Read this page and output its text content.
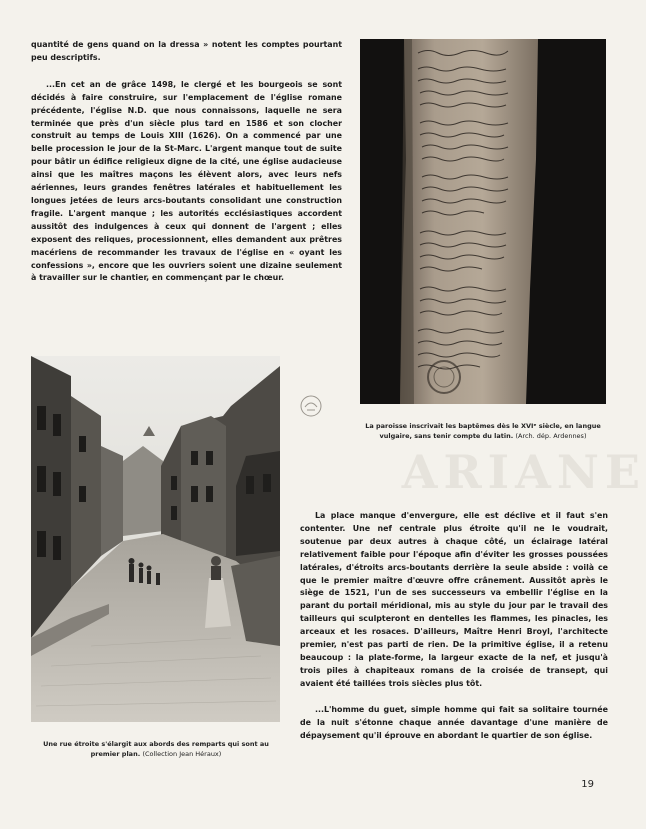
quantité de gens quand on la dressa » notent les comptes pourtant peu descriptifs.

...En cet an de grâce 1498, le clergé et les bourgeois se sont décidés à faire construire, sur l'emplacement de l'église romane précédente, l'église N.D. que nous connaissons, laquelle ne sera terminée que près d'un siècle plus tard en 1586 et son clocher construit au temps de Louis XIII (1626). On a commencé par une belle procession le jour de la St-Marc. L'argent manque tout de suite pour bâtir un édifice religieux digne de la cité, une église audacieuse ainsi que les maîtres maçons les élèvent alors, avec leurs nefs aériennes, leurs grandes fenêtres latérales et habituellement les longues jetées de leurs arcs-boutants consolidant une construction fragile. L'argent manque ; les autorités ecclésiastiques accordent aussitôt des indulgences à ceux qui donnent de l'argent ; elles exposent des reliques, processionnent, elles demandent aux prêtres macériens de recommander les travaux de l'église en « oyant les confessions », encore que les ouvriers soient une dizaine seulement à travailler sur le chantier, en commençant par le chœur.

La paroisse inscrivait les baptêmes dès le XVIᵉ siècle, en langue vulgaire, sans tenir compte du latin. (Arch. dép. Ardennes)
ARIANE
Une rue étroite s'élargit aux abords des remparts qui sont au premier plan. (Collection Jean Héraux)

La place manque d'envergure, elle est déclive et il faut s'en contenter. Une nef centrale plus étroite qu'il ne le voudrait, soutenue par deux autres à chaque côté, un éclairage latéral relativement faible pour l'époque afin d'éviter les grosses poussées latérales, d'étroits arcs-boutants derrière la seule abside : voilà ce que le premier maître d'œuvre offre crânement. Aussitôt après le siège de 1521, l'un de ses successeurs va embellir l'église en la parant du portail méridional, mis au style du jour par le travail des tailleurs qui sculpteront en dentelles les flammes, les pinacles, les arceaux et les rosaces. D'ailleurs, Maître Henri Broyl, l'architecte premier, n'est pas parti de rien. De la primitive église, il a retenu beaucoup : la plate-forme, la largeur exacte de la nef, et jusqu'à trois piles à chapiteaux romans de la croisée de transept, qui avaient été taillées trois siècles plus tôt.

...L'homme du guet, simple homme qui fait sa solitaire tournée de la nuit s'étonne chaque année davantage d'une manière de dépaysement qu'il éprouve en abordant le quartier de son église.

19
